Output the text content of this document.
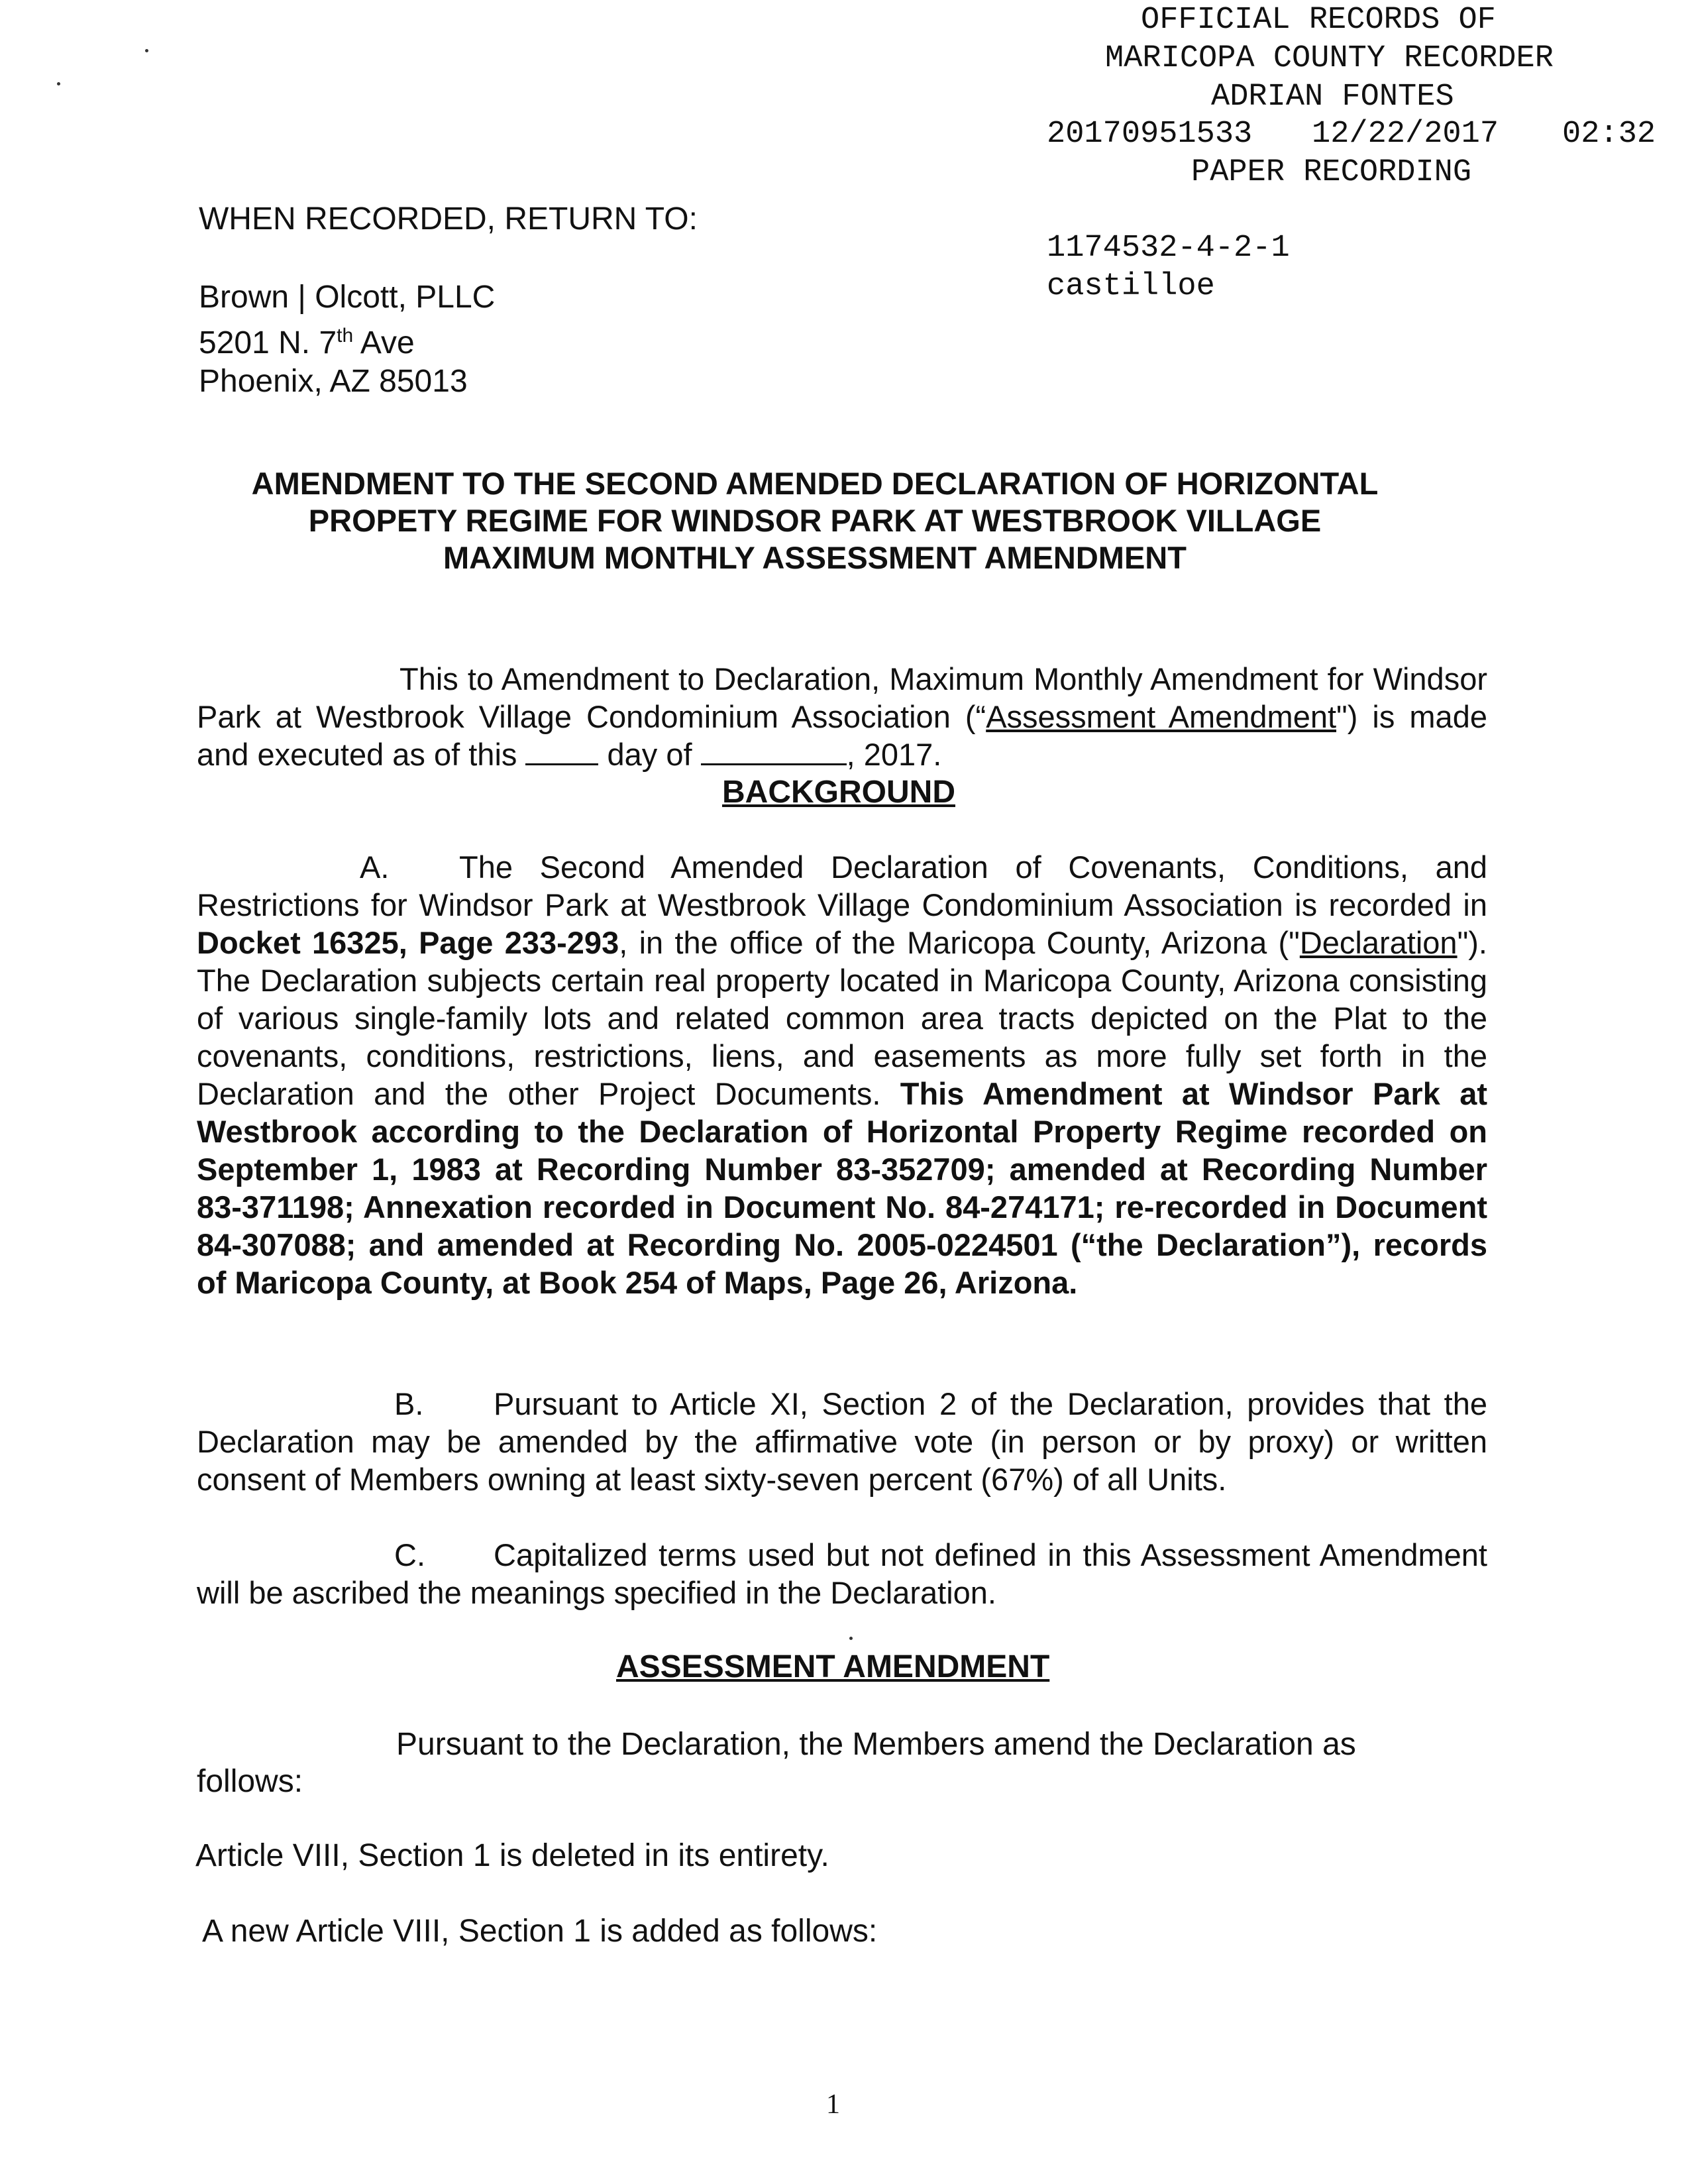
OFFICIAL RECORDS OF
MARICOPA COUNTY RECORDER
ADRIAN FONTES
20170951533 12/22/2017 02:32
PAPER RECORDING
1174532-4-2-1
castilloe
WHEN RECORDED, RETURN TO:
Brown | Olcott, PLLC
5201 N. 7th Ave
Phoenix, AZ 85013
AMENDMENT TO THE SECOND AMENDED DECLARATION OF HORIZONTAL
PROPETY REGIME FOR WINDSOR PARK AT WESTBROOK VILLAGE
MAXIMUM MONTHLY ASSESSMENT AMENDMENT
This to Amendment to Declaration, Maximum Monthly Amendment for Windsor Park at Westbrook Village Condominium Association (“Assessment Amendment") is made and executed as of this  day of	, 2017.
BACKGROUND
A. The Second Amended Declaration of Covenants, Conditions, and Restrictions for Windsor Park at Westbrook Village Condominium Association is recorded in Docket 16325, Page 233-293, in the office of the Maricopa County, Arizona ("Declaration"). The Declaration subjects certain real property located in Maricopa County, Arizona consisting of various single-family lots and related common area tracts depicted on the Plat to the covenants, conditions, restrictions, liens, and easements as more fully set forth in the Declaration and the other Project Documents. This Amendment at Windsor Park at Westbrook according to the Declaration of Horizontal Property Regime recorded on September 1, 1983 at Recording Number 83-352709; amended at Recording Number 83-371198; Annexation recorded in Document No. 84-274171; re-recorded in Document 84-307088; and amended at Recording No. 2005-0224501 (“the Declaration”), records of Maricopa County, at Book 254 of Maps, Page 26, Arizona.
B. Pursuant to Article XI, Section 2 of the Declaration, provides that the Declaration may be amended by the affirmative vote (in person or by proxy) or written consent of Members owning at least sixty-seven percent (67%) of all Units.
C. Capitalized terms used but not defined in this Assessment Amendment will be ascribed the meanings specified in the Declaration.
ASSESSMENT AMENDMENT
Pursuant to the Declaration, the Members amend the Declaration as
follows:
Article VIII, Section 1 is deleted in its entirety.
A new Article VIII, Section 1 is added as follows:
1
